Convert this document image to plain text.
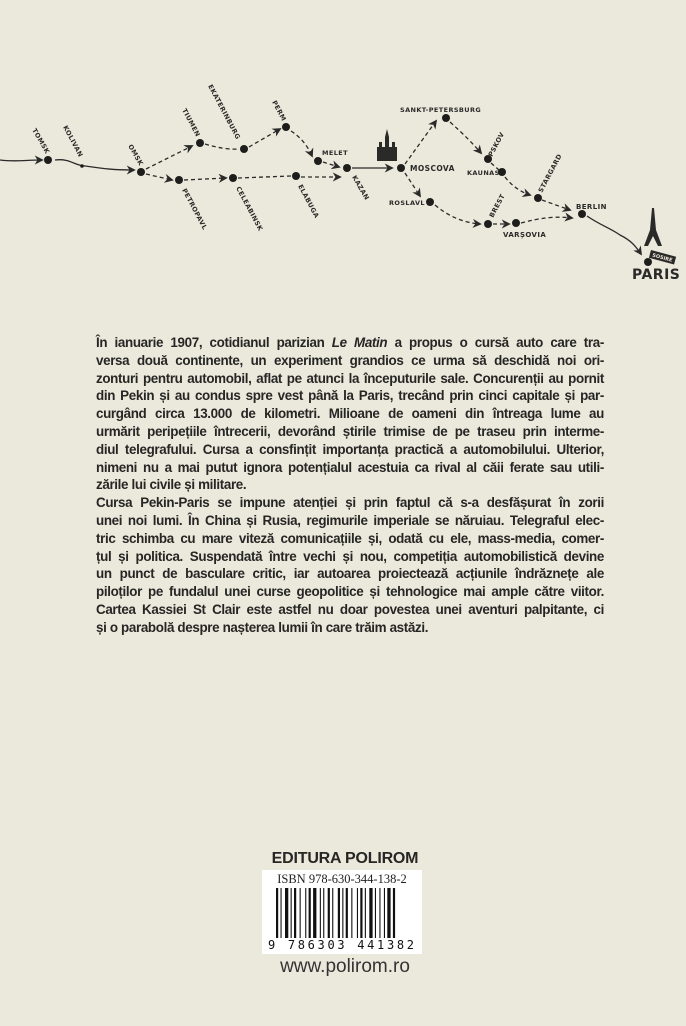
SOSIRE
TOMSK KOLIVAN	OMSK
TIUMEN EKATERINBURG	PERM
MELET
KAZAN
PETROPAVL	CELEABINSK	ELABUGA
MOSCOVA
SANKT-PETERSBURG
PSKOV
KAUNAS
ROSLAVL	BREST
VARȘOVIA
STARGARD
BERLIN
PARIS
În ianuarie 1907, cotidianul parizian Le Matin a propus o cursă auto care tra-
versa două continente, un experiment grandios ce urma să deschidă noi ori-
zonturi pentru automobil, aflat pe atunci la începuturile sale. Concurenții au pornit
din Pekin și au condus spre vest până la Paris, trecând prin cinci capitale și par-
curgând circa 13.000 de kilometri. Milioane de oameni din întreaga lume au
urmărit peripețiile întrecerii, devorând știrile trimise de pe traseu prin interme-
diul telegrafului. Cursa a consfințit importanța practică a automobilului. Ulterior,
nimeni nu a mai putut ignora potențialul acestuia ca rival al căii ferate sau utili-
zările lui civile și militare.
Cursa Pekin-Paris se impune atenției și prin faptul că s-a desfășurat în zorii
unei noi lumi. În China și Rusia, regimurile imperiale se năruiau. Telegraful elec-
tric schimba cu mare viteză comunicațiile și, odată cu ele, mass-media, comer-
țul și politica. Suspendată între vechi și nou, competiția automobilistică devine
un punct de basculare critic, iar autoarea proiectează acțiunile îndrăznețe ale
piloților pe fundalul unei curse geopolitice și tehnologice mai ample către viitor.
Cartea Kassiei St Clair este astfel nu doar povestea unei aventuri palpitante, ci
și o parabolă despre nașterea lumii în care trăim astăzi.
EDITURA POLIROM
ISBN 978-630-344-138-2
9 786303 441382
www.polirom.ro
